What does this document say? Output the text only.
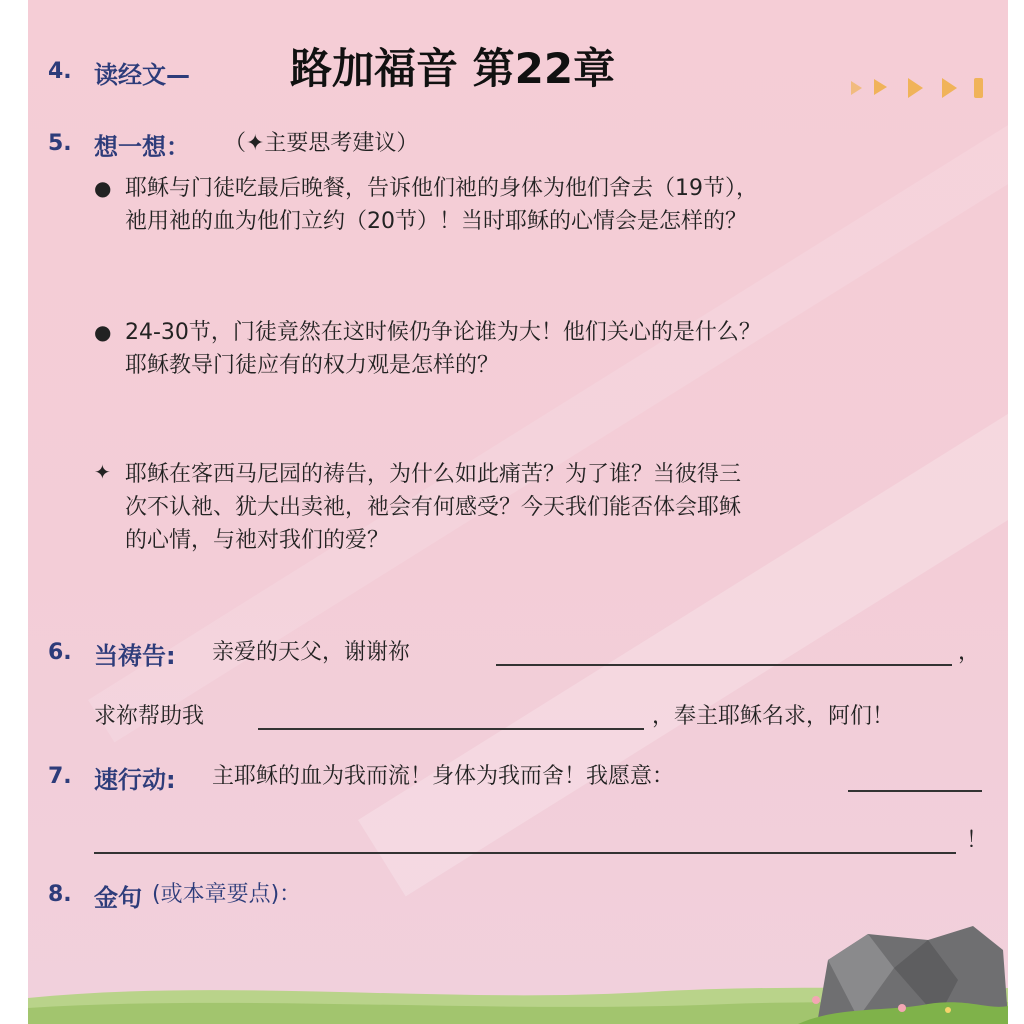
4. 读经文— 路加福音 第22章
5. 想一想： （✦主要思考建议）
● 耶稣与门徒吃最后晚餐，告诉他们祂的身体为他们舍去（19节），
祂用祂的血为他们立约（20节）！当时耶稣的心情会是怎样的？
● 24-30节，门徒竟然在这时候仍争论谁为大！他们关心的是什么？
耶稣教导门徒应有的权力观是怎样的？
✦ 耶稣在客西马尼园的祷告，为什么如此痛苦？为了谁？当彼得三
次不认祂、犹大出卖祂，祂会有何感受？今天我们能否体会耶稣
的心情，与祂对我们的爱？
6. 当祷告: 亲爱的天父，谢谢祢	，
求祢帮助我	，奉主耶稣名求，阿们！
7. 速行动: 主耶稣的血为我而流！身体为我而舍！我愿意：
！
8. 金句 (或本章要点)：
